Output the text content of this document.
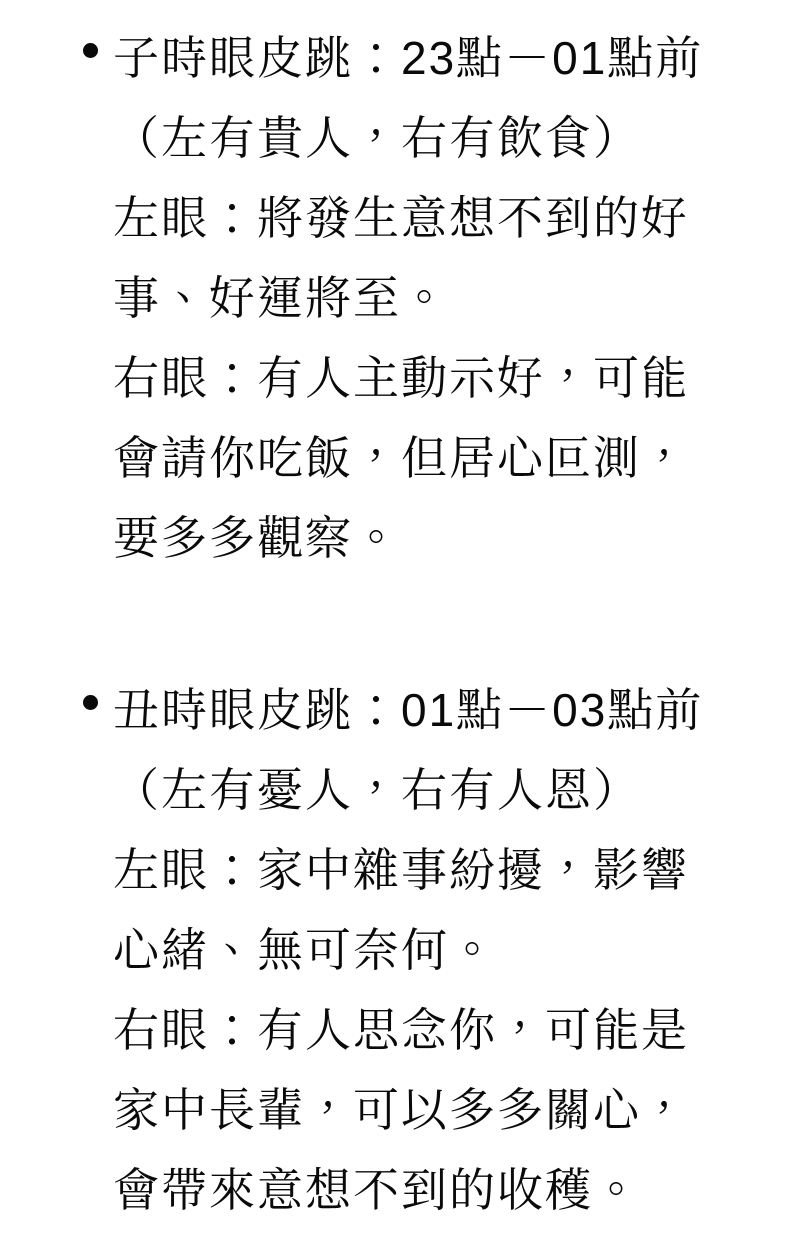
子時眼皮跳：23點－01點前
（左有貴人，右有飲食）
左眼：將發生意想不到的好
事、好運將至。
右眼：有人主動示好，可能
會請你吃飯，但居心叵測，
要多多觀察。
丑時眼皮跳：01點－03點前
（左有憂人，右有人恩）
左眼：家中雜事紛擾，影響
心緒、無可奈何。
右眼：有人思念你，可能是
家中長輩，可以多多關心，
會帶來意想不到的收穫。
